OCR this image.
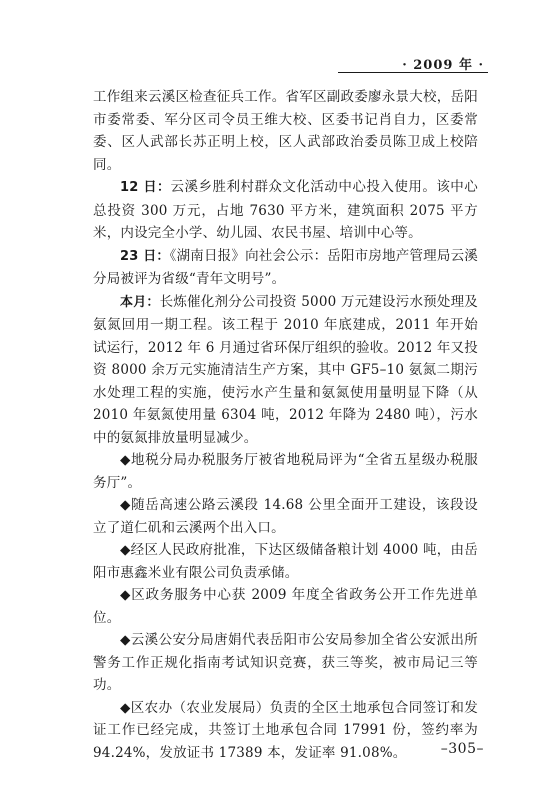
· 2009 年 ·

工作组来云溪区检查征兵工作。省军区副政委廖永景大校，岳阳市委常委、军分区司令员王维大校、区委书记肖自力，区委常委、区人武部长苏正明上校，区人武部政治委员陈卫成上校陪同。

12 日：云溪乡胜利村群众文化活动中心投入使用。该中心总投资 300 万元，占地 7630 平方米，建筑面积 2075 平方米，内设完全小学、幼儿园、农民书屋、培训中心等。

23 日：《湖南日报》向社会公示：岳阳市房地产管理局云溪分局被评为省级“青年文明号”。

本月：长炼催化剂分公司投资 5000 万元建设污水预处理及氨氮回用一期工程。该工程于 2010 年底建成，2011 年开始试运行，2012 年 6 月通过省环保厅组织的验收。2012 年又投资 8000 余万元实施清洁生产方案，其中 GF5–10 氨氮二期污水处理工程的实施，使污水产生量和氨氮使用量明显下降（从 2010 年氨氮使用量 6304 吨，2012 年降为 2480 吨），污水中的氨氮排放量明显减少。

◆地税分局办税服务厅被省地税局评为“全省五星级办税服务厅”。

◆随岳高速公路云溪段 14.68 公里全面开工建设，该段设立了道仁矶和云溪两个出入口。

◆经区人民政府批准，下达区级储备粮计划 4000 吨，由岳阳市惠鑫米业有限公司负责承储。

◆区政务服务中心获 2009 年度全省政务公开工作先进单位。

◆云溪公安分局唐娟代表岳阳市公安局参加全省公安派出所警务工作正规化指南考试知识竞赛，获三等奖，被市局记三等功。

◆区农办（农业发展局）负责的全区土地承包合同签订和发证工作已经完成，共签订土地承包合同 17991 份，签约率为 94.24%，发放证书 17389 本，发证率 91.08%。	–305–
